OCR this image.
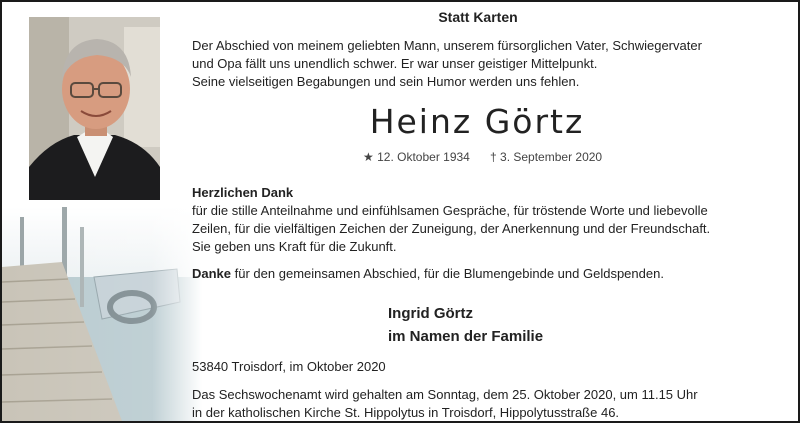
Statt Karten
Der Abschied von meinem geliebten Mann, unserem fürsorglichen Vater, Schwiegervater
und Opa fällt uns unendlich schwer. Er war unser geistiger Mittelpunkt.
Seine vielseitigen Begabungen und sein Humor werden uns fehlen.
Heinz Görtz
★ 12. Oktober 1934 † 3. September 2020
Herzlichen Dank
für die stille Anteilnahme und einfühlsamen Gespräche, für tröstende Worte und liebevolle
Zeilen, für die vielfältigen Zeichen der Zuneigung, der Anerkennung und der Freundschaft.
Sie geben uns Kraft für die Zukunft.
Danke für den gemeinsamen Abschied, für die Blumengebinde und Geldspenden.
Ingrid Görtz
im Namen der Familie
53840 Troisdorf, im Oktober 2020
Das Sechswochenamt wird gehalten am Sonntag, dem 25. Oktober 2020, um 11.15 Uhr
in der katholischen Kirche St. Hippolytus in Troisdorf, Hippolytusstraße 46.
